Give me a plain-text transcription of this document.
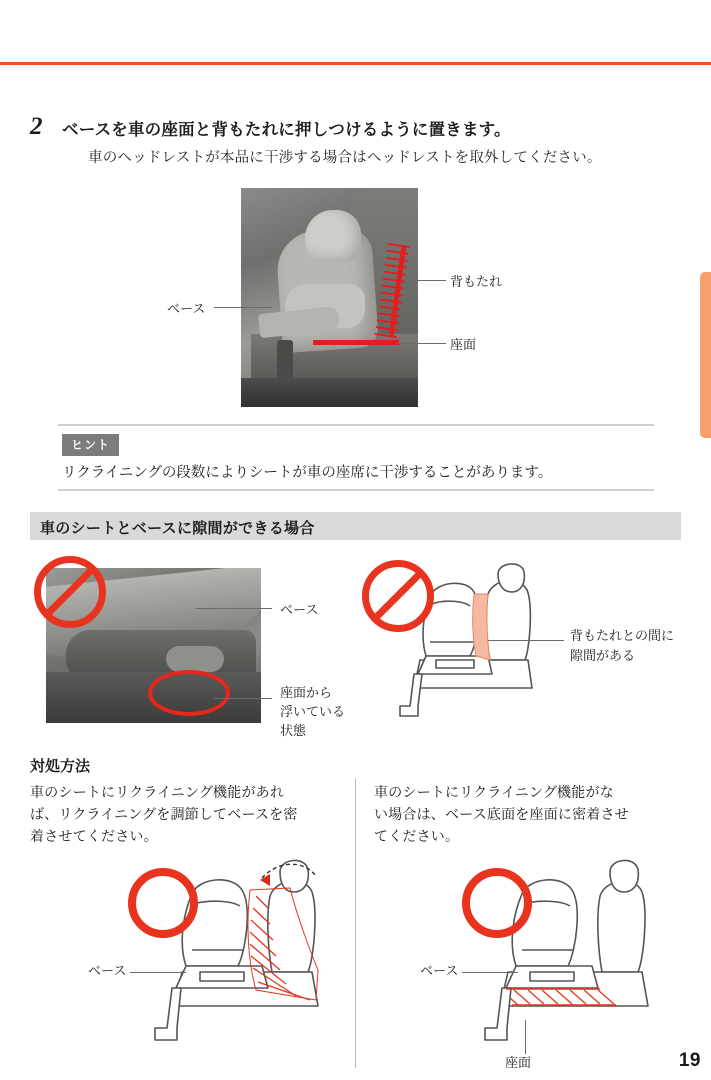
2 ベースを車の座面と背もたれに押しつけるように置きます。
車のヘッドレストが本品に干渉する場合はヘッドレストを取外してください。
ベース
背もたれ
座面
ヒント
リクライニングの段数によりシートが車の座席に干渉することがあります。
車のシートとベースに隙間ができる場合
ベース
座面から
浮いている
状態
背もたれとの間に
隙間がある
対処方法
車のシートにリクライニング機能があれ
ば、リクライニングを調節してベースを密
着させてください。
車のシートにリクライニング機能がな
い場合は、ベース底面を座面に密着させ
てください。
ベース	ベース
座面	19
